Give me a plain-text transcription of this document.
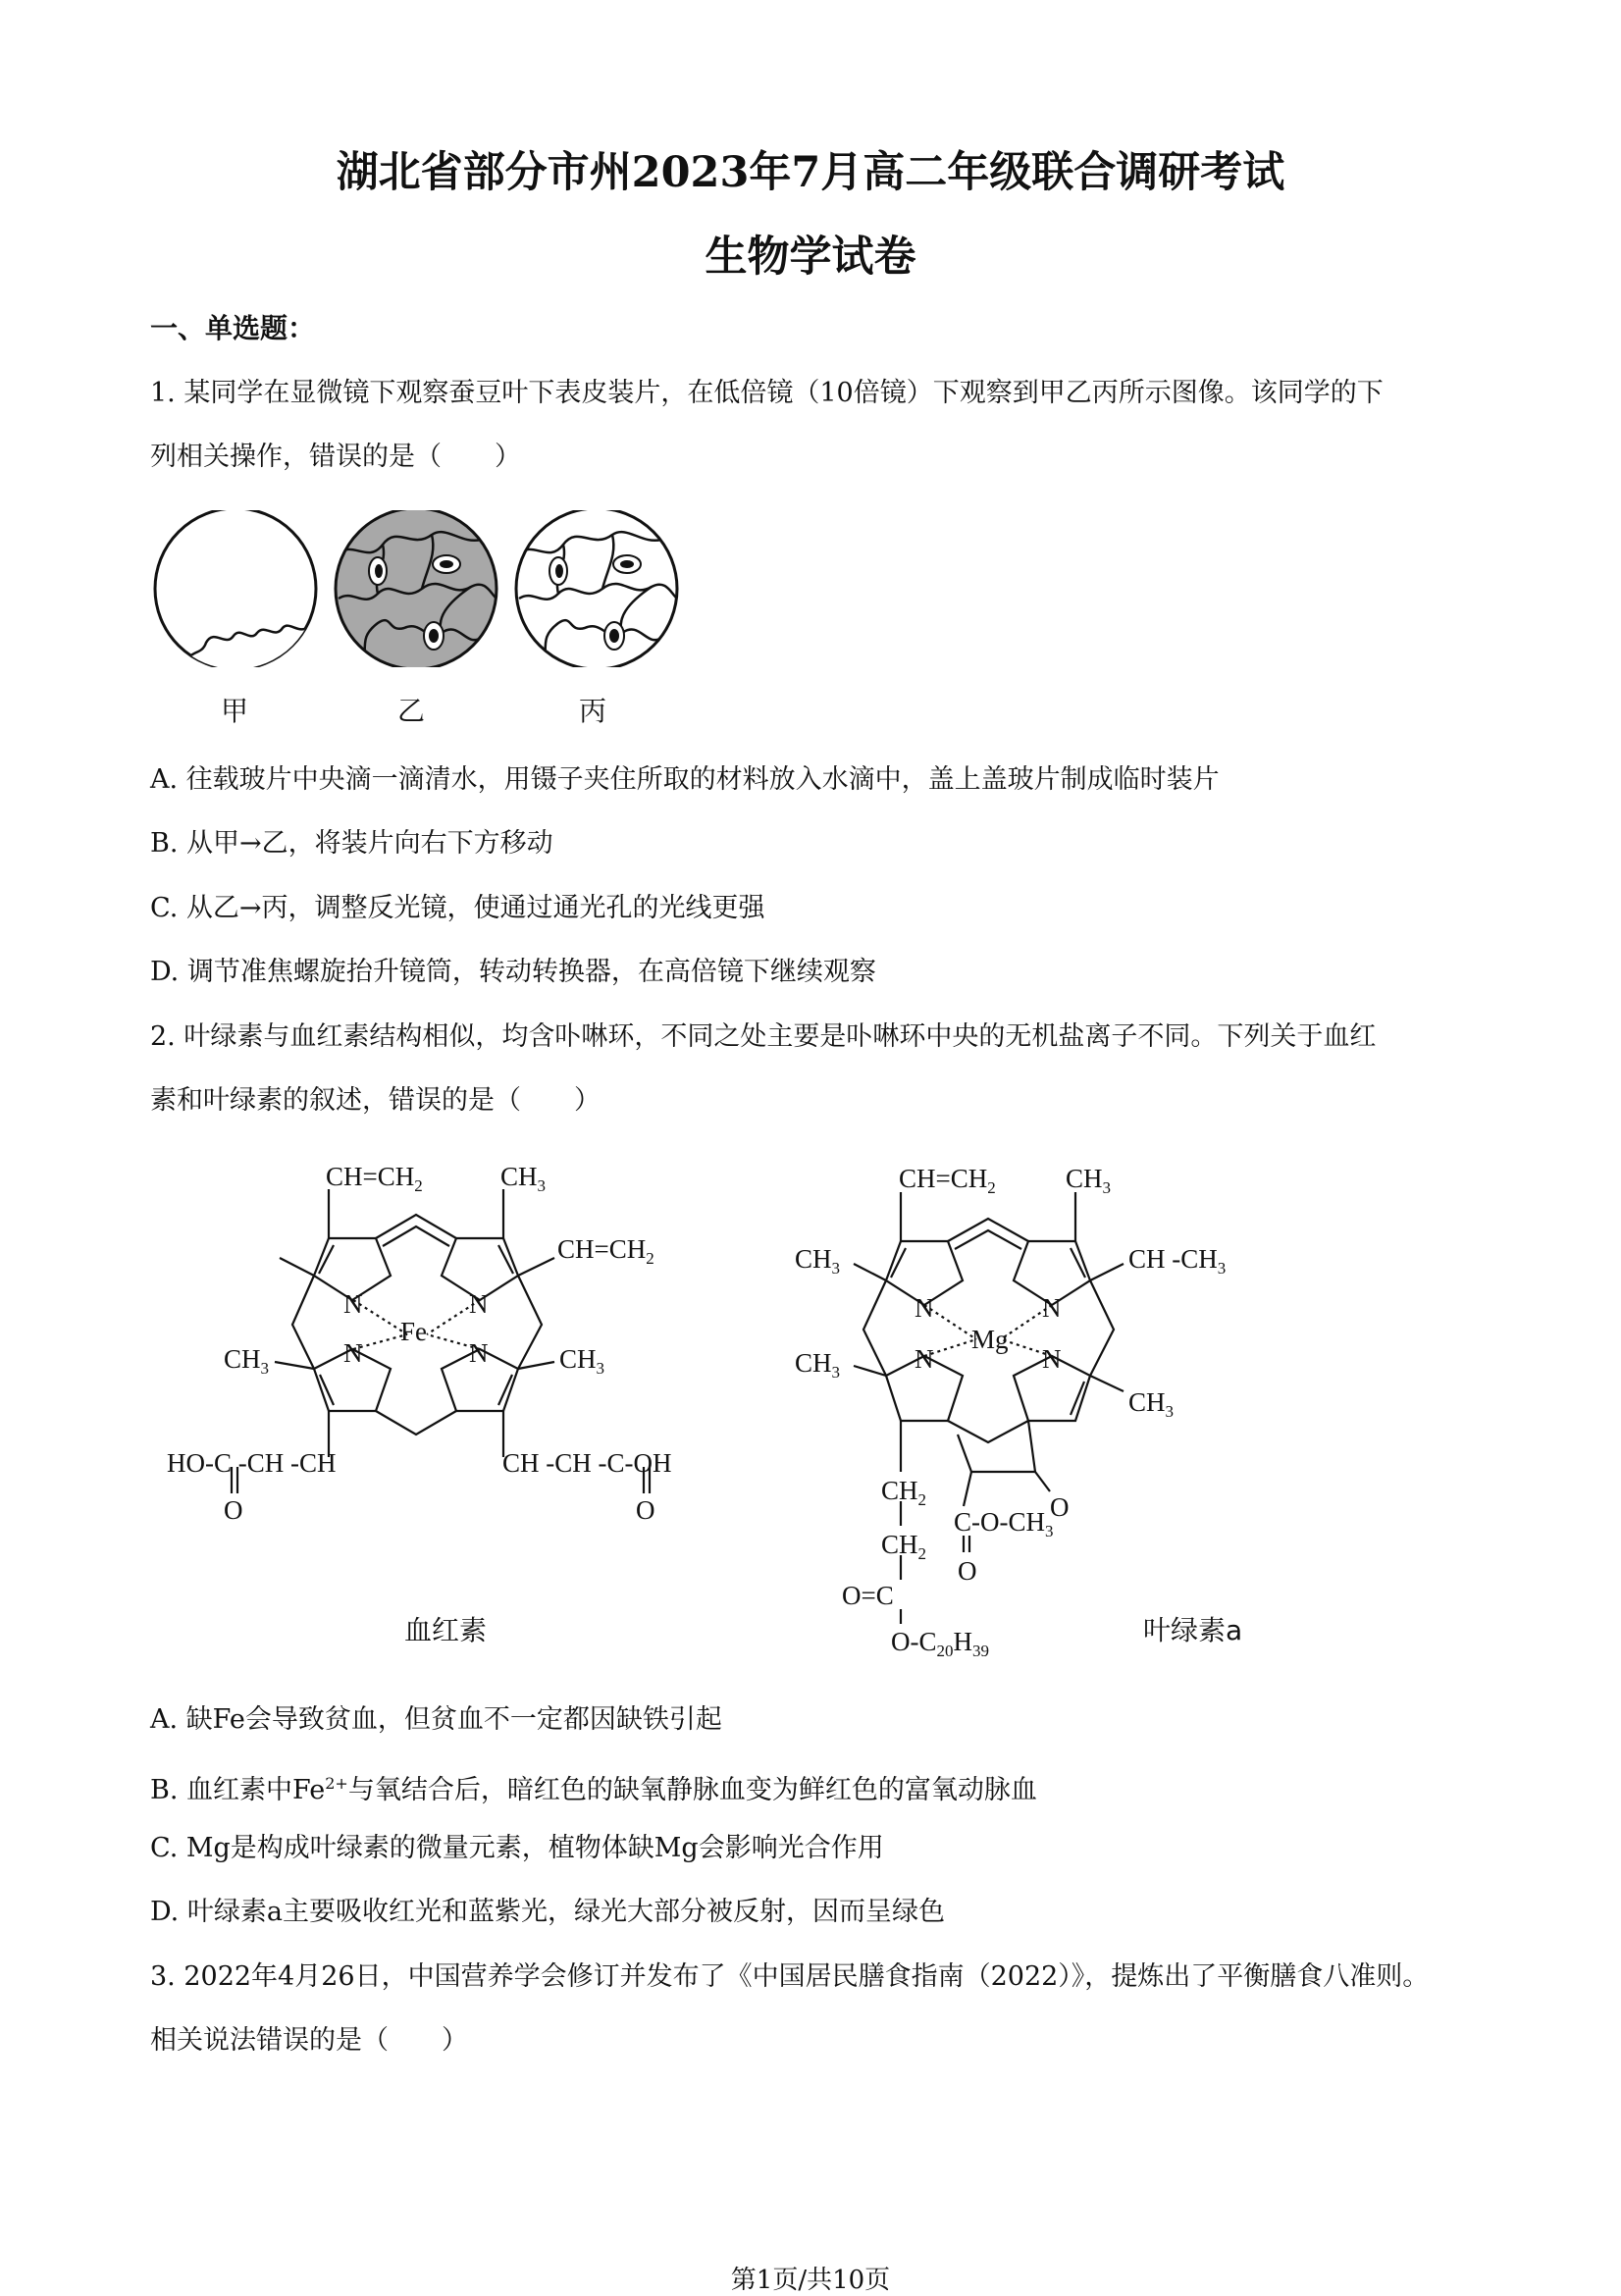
湖北省部分市州2023年7月高二年级联合调研考试
生物学试卷
一、单选题：
1. 某同学在显微镜下观察蚕豆叶下表皮装片，在低倍镜（10倍镜）下观察到甲乙丙所示图像。该同学的下
列相关操作，错误的是（　　）
甲	乙	丙
A. 往载玻片中央滴一滴清水，用镊子夹住所取的材料放入水滴中，盖上盖玻片制成临时装片
B. 从甲→乙，将装片向右下方移动
C. 从乙→丙，调整反光镜，使通过通光孔的光线更强
D. 调节准焦螺旋抬升镜筒，转动转换器，在高倍镜下继续观察
2. 叶绿素与血红素结构相似，均含卟啉环，不同之处主要是卟啉环中央的无机盐离子不同。下列关于血红
素和叶绿素的叙述，错误的是（　　）
$CH=CH_2$	$CH_3$
$CH=CH_2$
N	N
N	N
Fe
$CH_3$	$CH_3$
HO-C -CH -CH	CH -CH -C-OH
O	O
血红素
$CH=CH_2$	$CH_3$
$CH_3$	CH $-CH_3$
N	N
N	N
Mg
$CH_3$
$CH_3$
O
$CH_2$
$CH_2$
$C-O-CH_3$
O
O=C
$O-C_{20}H_{39}$
叶绿素a
A. 缺Fe会导致贫血，但贫血不一定都因缺铁引起
B. 血红素中$Fe^{2+}$与氧结合后，暗红色的缺氧静脉血变为鲜红色的富氧动脉血
C. Mg是构成叶绿素的微量元素，植物体缺Mg会影响光合作用
D. 叶绿素a主要吸收红光和蓝紫光，绿光大部分被反射，因而呈绿色
3. 2022年4月26日，中国营养学会修订并发布了《中国居民膳食指南（2022）》，提炼出了平衡膳食八准则。
相关说法错误的是（　　）
第1页/共10页
